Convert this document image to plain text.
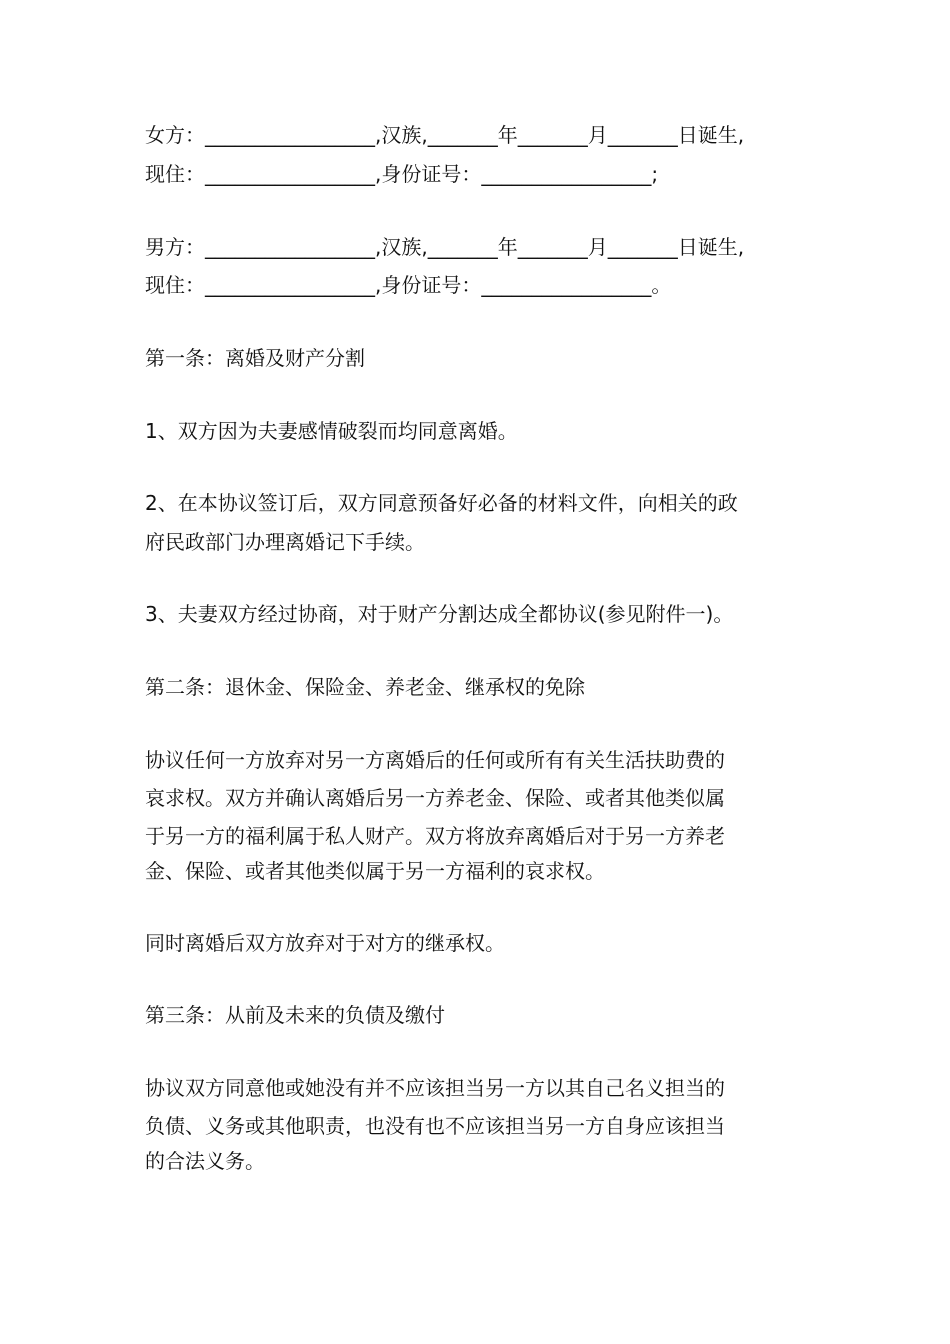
女方：_________________,汉族,_______年_______月_______日诞生,
现住：_________________,身份证号：_________________;
男方：_________________,汉族,_______年_______月_______日诞生,
现住：_________________,身份证号：_________________。
第一条：离婚及财产分割
1、双方因为夫妻感情破裂而均同意离婚。
2、在本协议签订后，双方同意预备好必备的材料文件，向相关的政
府民政部门办理离婚记下手续。
3、夫妻双方经过协商，对于财产分割达成全都协议(参见附件一)。
第二条：退休金、保险金、养老金、继承权的免除
协议任何一方放弃对另一方离婚后的任何或所有有关生活扶助费的
哀求权。双方并确认离婚后另一方养老金、保险、或者其他类似属
于另一方的福利属于私人财产。双方将放弃离婚后对于另一方养老
金、保险、或者其他类似属于另一方福利的哀求权。
同时离婚后双方放弃对于对方的继承权。
第三条：从前及未来的负债及缴付
协议双方同意他或她没有并不应该担当另一方以其自己名义担当的
负债、义务或其他职责，也没有也不应该担当另一方自身应该担当
的合法义务。
